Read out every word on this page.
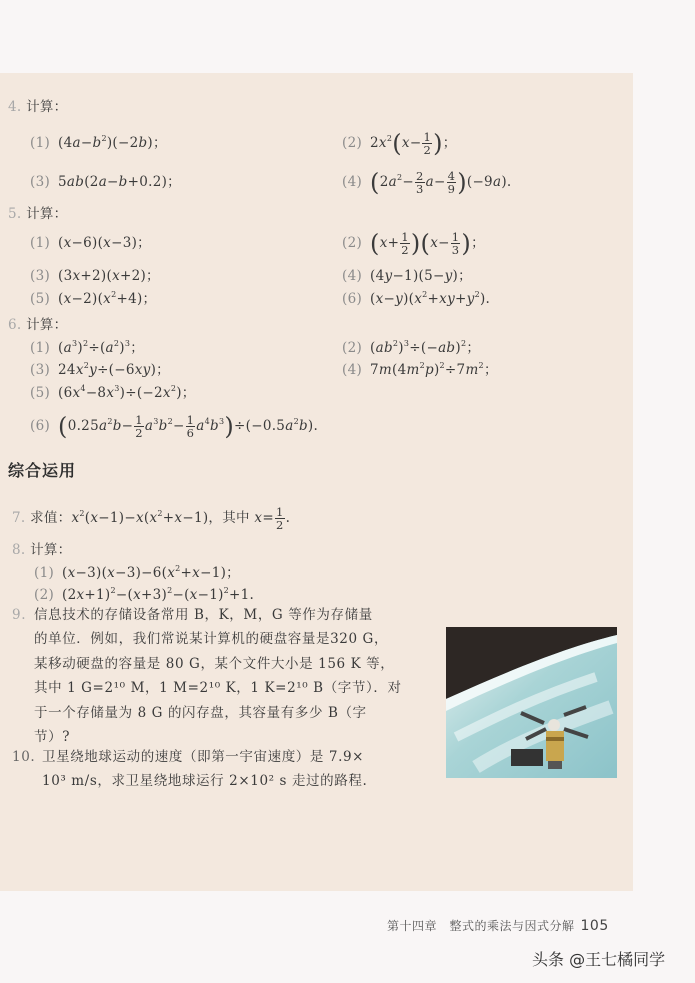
4. 计算：
(1) $(4a-b^2)(-2b)$；	(2) $2x^2(x- \frac{1}{2}$ )；
(3) 5ab(2a−b+0.2)；	(4) $(2a^2- \frac{2}{3} a- \frac{4}{9} )(-9a)$.
5. 计算：
(1) (x−6)(x−3)；	(2) $(x+ \frac{1}{2} )(x- \frac{1}{3}$ )；
(3) (3x+2)(x+2)；	(4) (4y−1)(5−y)；
(5) $(x-2)(x^2+4)$；	(6) $(x-y)(x^2+xy+y^2)$.
6. 计算：
(1) $(a^3)^2\div(a^2)^3$；	(2) $(ab^2)^3\div(-ab)^2$；
(3) $24x^2y\div(-6xy)$；	(4) $7m(4m^2p)^2\div 7m^2$；
(5) $(6x^4-8x^3)\div(-2x^2)$；
(6) $(0.25a^2b- \frac{1}{2} a^3b^2- \frac{1}{6} a^4b^3)\div(-0.5a^2b)$.
综合运用
7. 求值：$x^2(x-1)-x(x^2+x-1)$，其中 $x= \frac{1}{2}$ .
8. 计算：
(1) $(x-3)(x-3)-6(x^2+x-1)$；
(2) $(2x+1)^2-(x+3)^2-(x-1)^2+1$.
9. 信息技术的存储设备常用 B，K，M，G 等作为存储量
的单位．例如，我们常说某计算机的硬盘容量是320 G，
某移动硬盘的容量是 80 G，某个文件大小是 156 K 等，
其中 1 G=2¹⁰ M，1 M=2¹⁰ K，1 K=2¹⁰ B（字节）．对
于一个存储量为 8 G 的闪存盘，其容量有多少 B（字
节）?
10. 卫星绕地球运动的速度（即第一宇宙速度）是 7.9×
10³ m/s，求卫星绕地球运行 2×10² s 走过的路程.
第十四章　整式的乘法与因式分解 105
头条 @王七橘同学
